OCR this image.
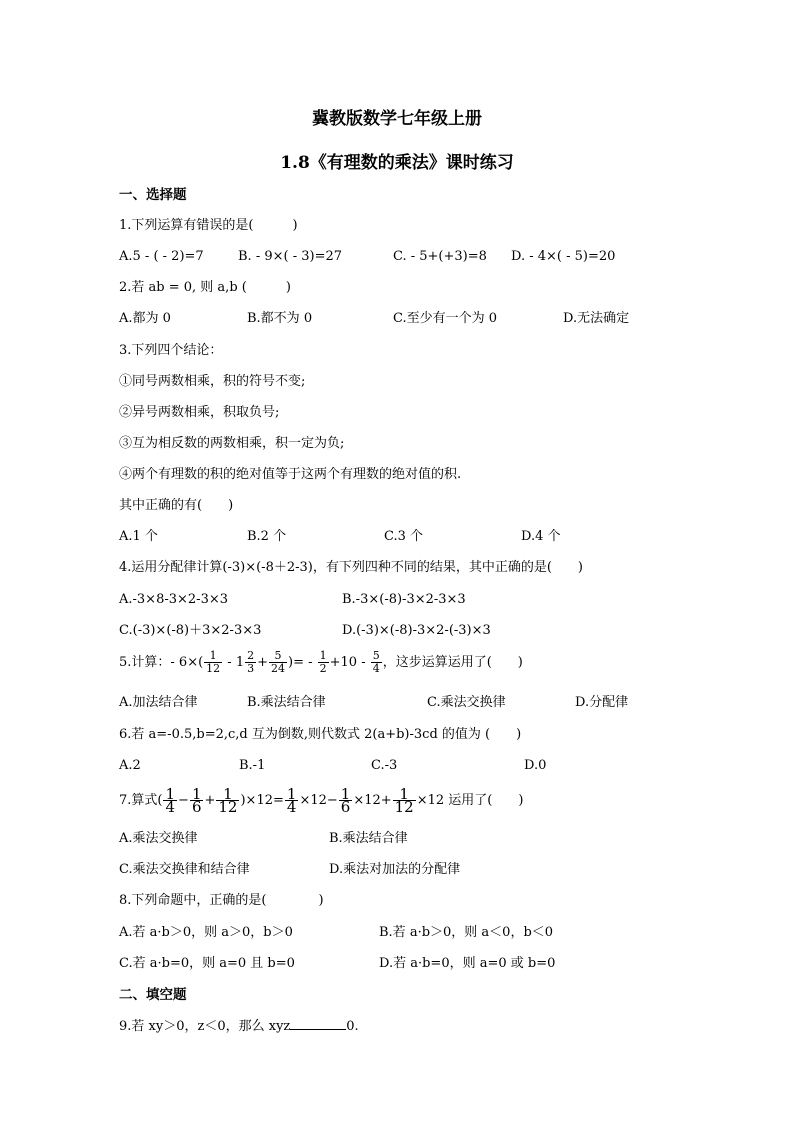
冀教版数学七年级上册
1.8《有理数的乘法》课时练习
一、选择题
1.下列运算有错误的是(　　　)
A.5 - ( - 2)=7	B. - 9×( - 3)=27	C. - 5+(+3)=8 D. - 4×( - 5)=20
2.若 ab = 0, 则 a,b (　　　)
A.都为 0	B.都不为 0	C.至少有一个为 0	D.无法确定
3.下列四个结论：
①同号两数相乘，积的符号不变;
②异号两数相乘，积取负号;
③互为相反数的两数相乘，积一定为负;
④两个有理数的积的绝对值等于这两个有理数的绝对值的积.
其中正确的有(　　)
A.1 个	B.2 个	C.3 个	D.4 个
4.运用分配律计算(-3)×(-8＋2-3)，有下列四种不同的结果，其中正确的是(　　)
A.-3×8-3×2-3×3	B.-3×(-8)-3×2-3×3
C.(-3)×(-8)＋3×2-3×3	D.(-3)×(-8)-3×2-(-3)×3
5.计算：- $6\times( \frac{1}{12} - 1 \frac{2}{3} + \frac{5}{24}$ )= - $\frac{1}{2} +10 - \frac{5}{4}$ ，这步运算运用了(　　)
A.加法结合律	B.乘法结合律	C.乘法交换律	D.分配律
6.若 a=-0.5,b=2,c,d 互为倒数,则代数式 2(a+b)-3cd 的值为 (　　)
A.2	B.-1	C.-3	D.0
7.算式( $\frac{1}{4} - \frac{1}{6} + \frac{1}{12} )\times 12= \frac{1}{4} \times 12- \frac{1}{6} \times 12+ \frac{1}{12} \times 12$ 运用了(　　)
A.乘法交换律	B.乘法结合律
C.乘法交换律和结合律	D.乘法对加法的分配律
8.下列命题中，正确的是(　　　　)
A.若 a·b＞0，则 a＞0，b＞0	B.若 a·b＞0，则 a＜0，b＜0
C.若 a·b=0，则 a=0 且 b=0	D.若 a·b=0，则 a=0 或 b=0
二、填空题
9.若 xy＞0，z＜0，那么 xyz	0.
